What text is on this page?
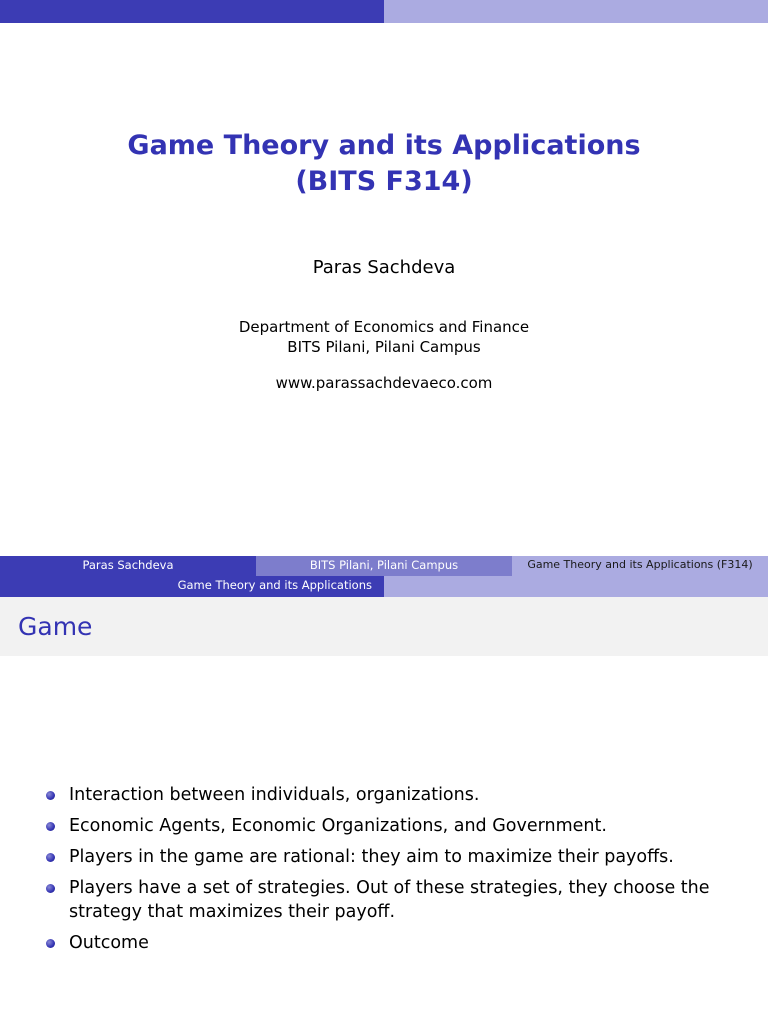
Game Theory and its Applications
(BITS F314)
Paras Sachdeva
Department of Economics and Finance
BITS Pilani, Pilani Campus
www.parassachdevaeco.com
Paras Sachdeva	BITS Pilani, Pilani Campus	Game Theory and its Applications (F314)
Game Theory and its Applications
Game
Interaction between individuals, organizations.
Economic Agents, Economic Organizations, and Government.
Players in the game are rational: they aim to maximize their payoffs.
Players have a set of strategies. Out of these strategies, they choose the strategy that maximizes their payoff.
Outcome
